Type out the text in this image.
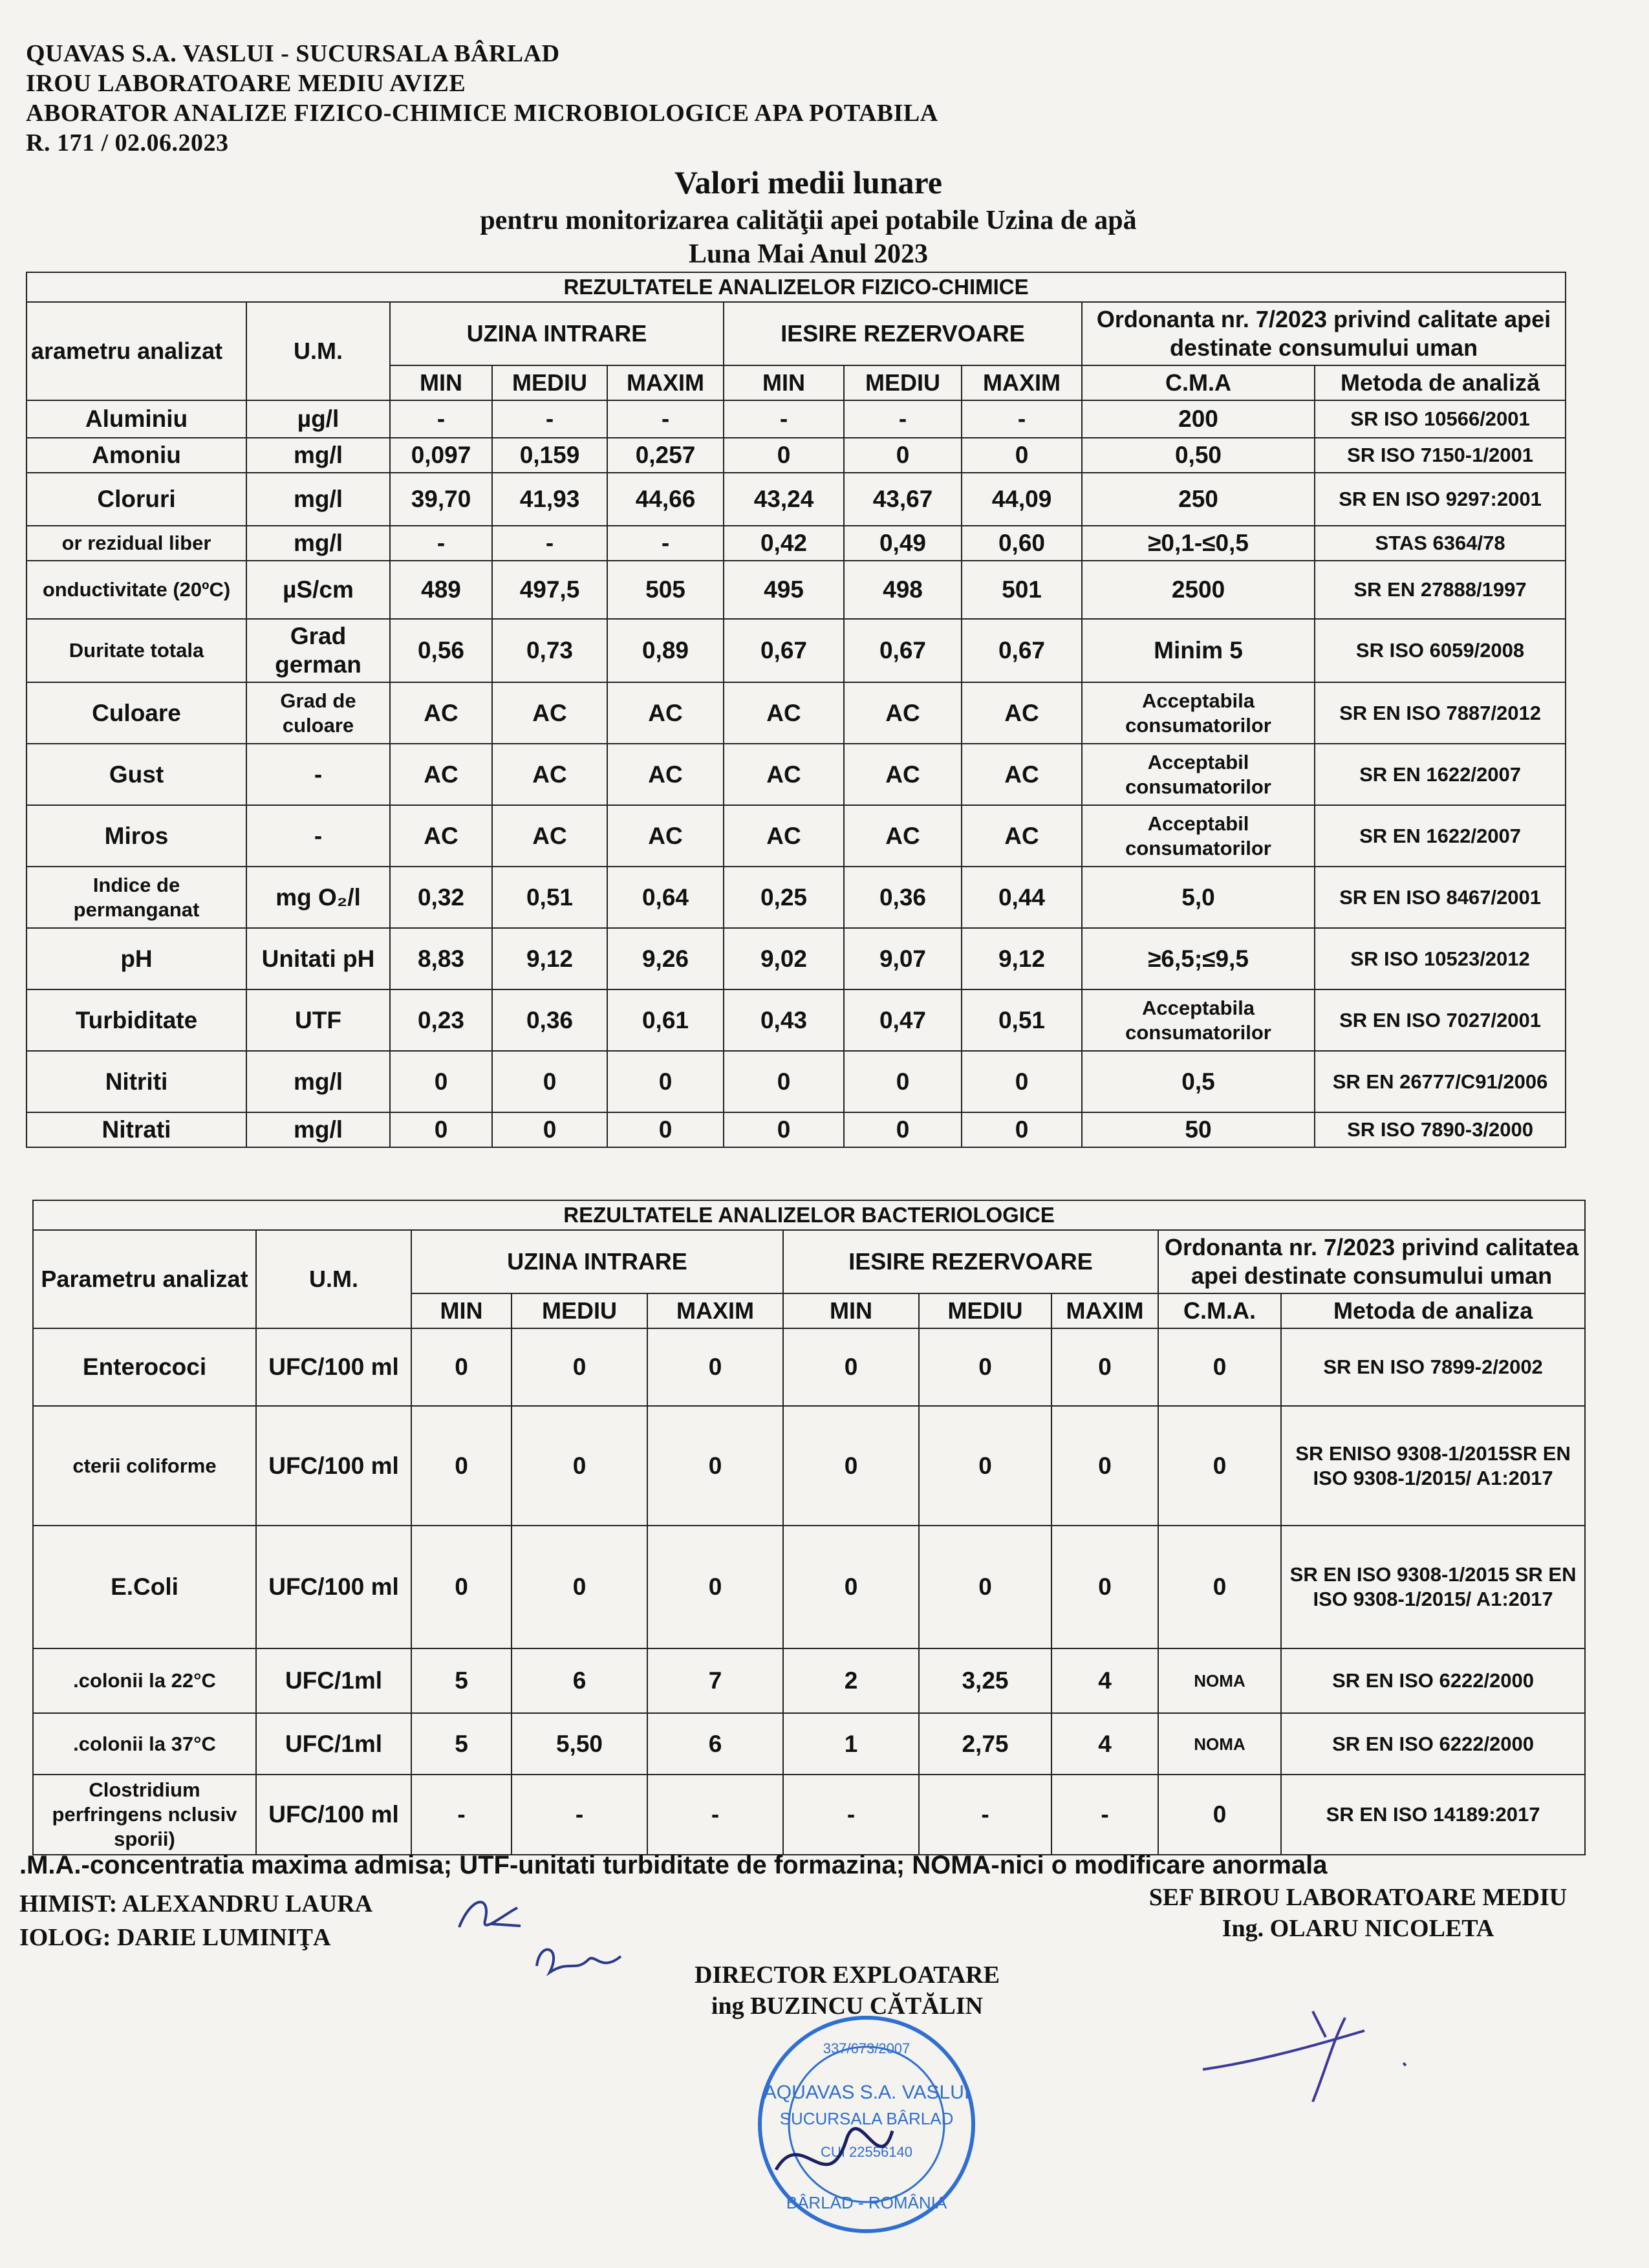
QUAVAS S.A. VASLUI - SUCURSALA BÂRLAD
IROU LABORATOARE MEDIU AVIZE
ABORATOR ANALIZE FIZICO-CHIMICE MICROBIOLOGICE APA POTABILA
R. 171 / 02.06.2023
Valori medii lunare
pentru monitorizarea calităţii apei potabile Uzina de apă
Luna Mai Anul 2023
REZULTATELE ANALIZELOR FIZICO-CHIMICE									
arametru analizat	U.M.	UZINA INTRARE			IESIRE REZERVOARE			Ordonanta nr. 7/2023 privind calitate apei destinate consumului uman	
		MIN	MEDIU	MAXIM	MIN	MEDIU	MAXIM	C.M.A	Metoda de analiză
Aluminiu	µg/l	-	-	-	-	-	-	200	SR ISO 10566/2001
Amoniu	mg/l	0,097	0,159	0,257	0	0	0	0,50	SR ISO 7150-1/2001
Cloruri	mg/l	39,70	41,93	44,66	43,24	43,67	44,09	250	SR EN ISO 9297:2001
or rezidual liber	mg/l	-	-	-	0,42	0,49	0,60	≥0,1-≤0,5	STAS 6364/78
onductivitate (20ºC)	µS/cm	489	497,5	505	495	498	501	2500	SR EN 27888/1997
Duritate totala	Grad german	0,56	0,73	0,89	0,67	0,67	0,67	Minim 5	SR ISO 6059/2008
Culoare	Grad de culoare	AC	AC	AC	AC	AC	AC	Acceptabila consumatorilor	SR EN ISO 7887/2012
Gust	-	AC	AC	AC	AC	AC	AC	Acceptabil consumatorilor	SR EN 1622/2007
Miros	-	AC	AC	AC	AC	AC	AC	Acceptabil consumatorilor	SR EN 1622/2007
Indice de permanganat	mg O₂/l	0,32	0,51	0,64	0,25	0,36	0,44	5,0	SR EN ISO 8467/2001
pH	Unitati pH	8,83	9,12	9,26	9,02	9,07	9,12	≥6,5;≤9,5	SR ISO 10523/2012
Turbiditate	UTF	0,23	0,36	0,61	0,43	0,47	0,51	Acceptabila consumatorilor	SR EN ISO 7027/2001
Nitriti	mg/l	0	0	0	0	0	0	0,5	SR EN 26777/C91/2006
Nitrati	mg/l	0	0	0	0	0	0	50	SR ISO 7890-3/2000
REZULTATELE ANALIZELOR BACTERIOLOGICE									
Parametru analizat	U.M.	UZINA INTRARE			IESIRE REZERVOARE			Ordonanta nr. 7/2023 privind calitatea apei destinate consumului uman	
		MIN	MEDIU	MAXIM	MIN	MEDIU	MAXIM	C.M.A.	Metoda de analiza
Enterococi	UFC/100 ml	0	0	0	0	0	0	0	SR EN ISO 7899-2/2002
cterii coliforme	UFC/100 ml	0	0	0	0	0	0	0	SR ENISO 9308-1/2015SR EN ISO 9308-1/2015/ A1:2017
E.Coli	UFC/100 ml	0	0	0	0	0	0	0	SR EN ISO 9308-1/2015 SR EN ISO 9308-1/2015/ A1:2017
.colonii la 22°C	UFC/1ml	5	6	7	2	3,25	4	NOMA	SR EN ISO 6222/2000
.colonii la 37°C	UFC/1ml	5	5,50	6	1	2,75	4	NOMA	SR EN ISO 6222/2000
Clostridium perfringens nclusiv sporii)	UFC/100 ml	-	-	-	-	-	-	0	SR EN ISO 14189:2017
.M.A.-concentratia maxima admisa; UTF-unitati turbiditate de formazina; NOMA-nici o modificare anormala
HIMIST: ALEXANDRU LAURA
IOLOG: DARIE LUMINIŢA
SEF BIROU LABORATOARE MEDIU
Ing. OLARU NICOLETA
DIRECTOR EXPLOATARE
ing BUZINCU CĂTĂLIN
337/673/2007
AQUAVAS S.A. VASLUI
SUCURSALA BÂRLAD
CUI 22556140
BÂRLAD - ROMÂNIA
